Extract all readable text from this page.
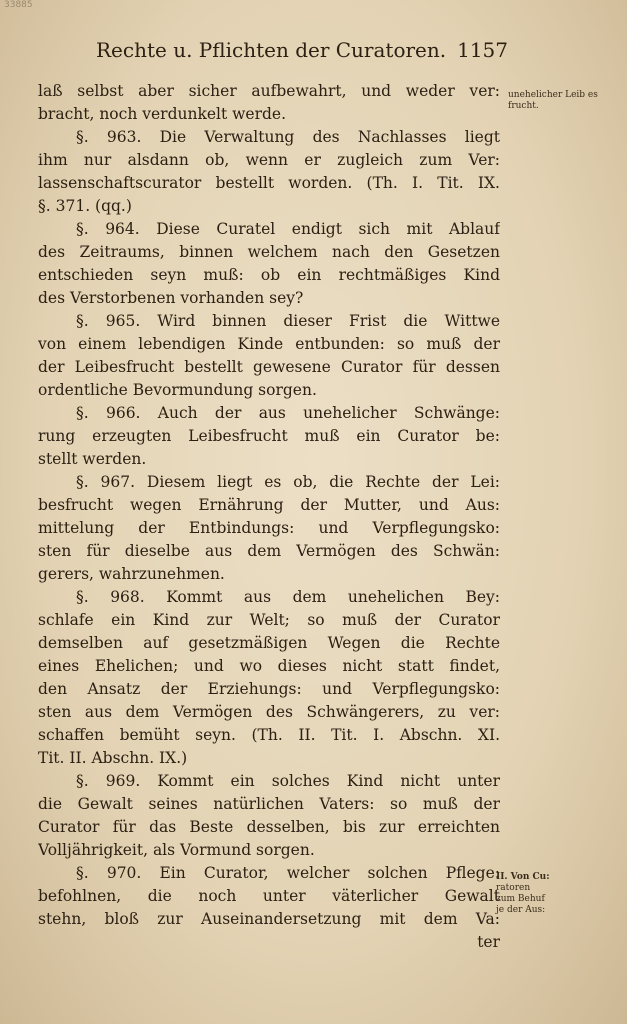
33885
Rechte u. Pflichten der Curatoren. 1157
laß selbst aber sicher aufbewahrt, und weder ver:
bracht, noch verdunkelt werde.
§. 963. Die Verwaltung des Nachlasses liegt
ihm nur alsdann ob, wenn er zugleich zum Ver:
lassenschaftscurator bestellt worden. (Th. I. Tit. IX.
§. 371. (qq.)
§. 964. Diese Curatel endigt sich mit Ablauf
des Zeitraums, binnen welchem nach den Gesetzen
entschieden seyn muß: ob ein rechtmäßiges Kind
des Verstorbenen vorhanden sey?
§. 965. Wird binnen dieser Frist die Wittwe
von einem lebendigen Kinde entbunden: so muß der
der Leibesfrucht bestellt gewesene Curator für dessen
ordentliche Bevormundung sorgen.
§. 966. Auch der aus unehelicher Schwänge:
rung erzeugten Leibesfrucht muß ein Curator be:
stellt werden.
§. 967. Diesem liegt es ob, die Rechte der Lei:
besfrucht wegen Ernährung der Mutter, und Aus:
mittelung der Entbindungs: und Verpflegungsko:
sten für dieselbe aus dem Vermögen des Schwän:
gerers, wahrzunehmen.
§. 968. Kommt aus dem unehelichen Bey:
schlafe ein Kind zur Welt; so muß der Curator
demselben auf gesetzmäßigen Wegen die Rechte
eines Ehelichen; und wo dieses nicht statt findet,
den Ansatz der Erziehungs: und Verpflegungsko:
sten aus dem Vermögen des Schwängerers, zu ver:
schaffen bemüht seyn. (Th. II. Tit. I. Abschn. XI.
Tit. II. Abschn. IX.)
§. 969. Kommt ein solches Kind nicht unter
die Gewalt seines natürlichen Vaters: so muß der
Curator für das Beste desselben, bis zur erreichten
Volljährigkeit, als Vormund sorgen.
§. 970. Ein Curator, welcher solchen Pflege:
befohlnen, die noch unter väterlicher Gewalt
stehn, bloß zur Auseinandersetzung mit dem Va:
ter
unehelicher Leib es
frucht.
II. Von Cu:
ratoren
zum Behuf
je der Aus:
